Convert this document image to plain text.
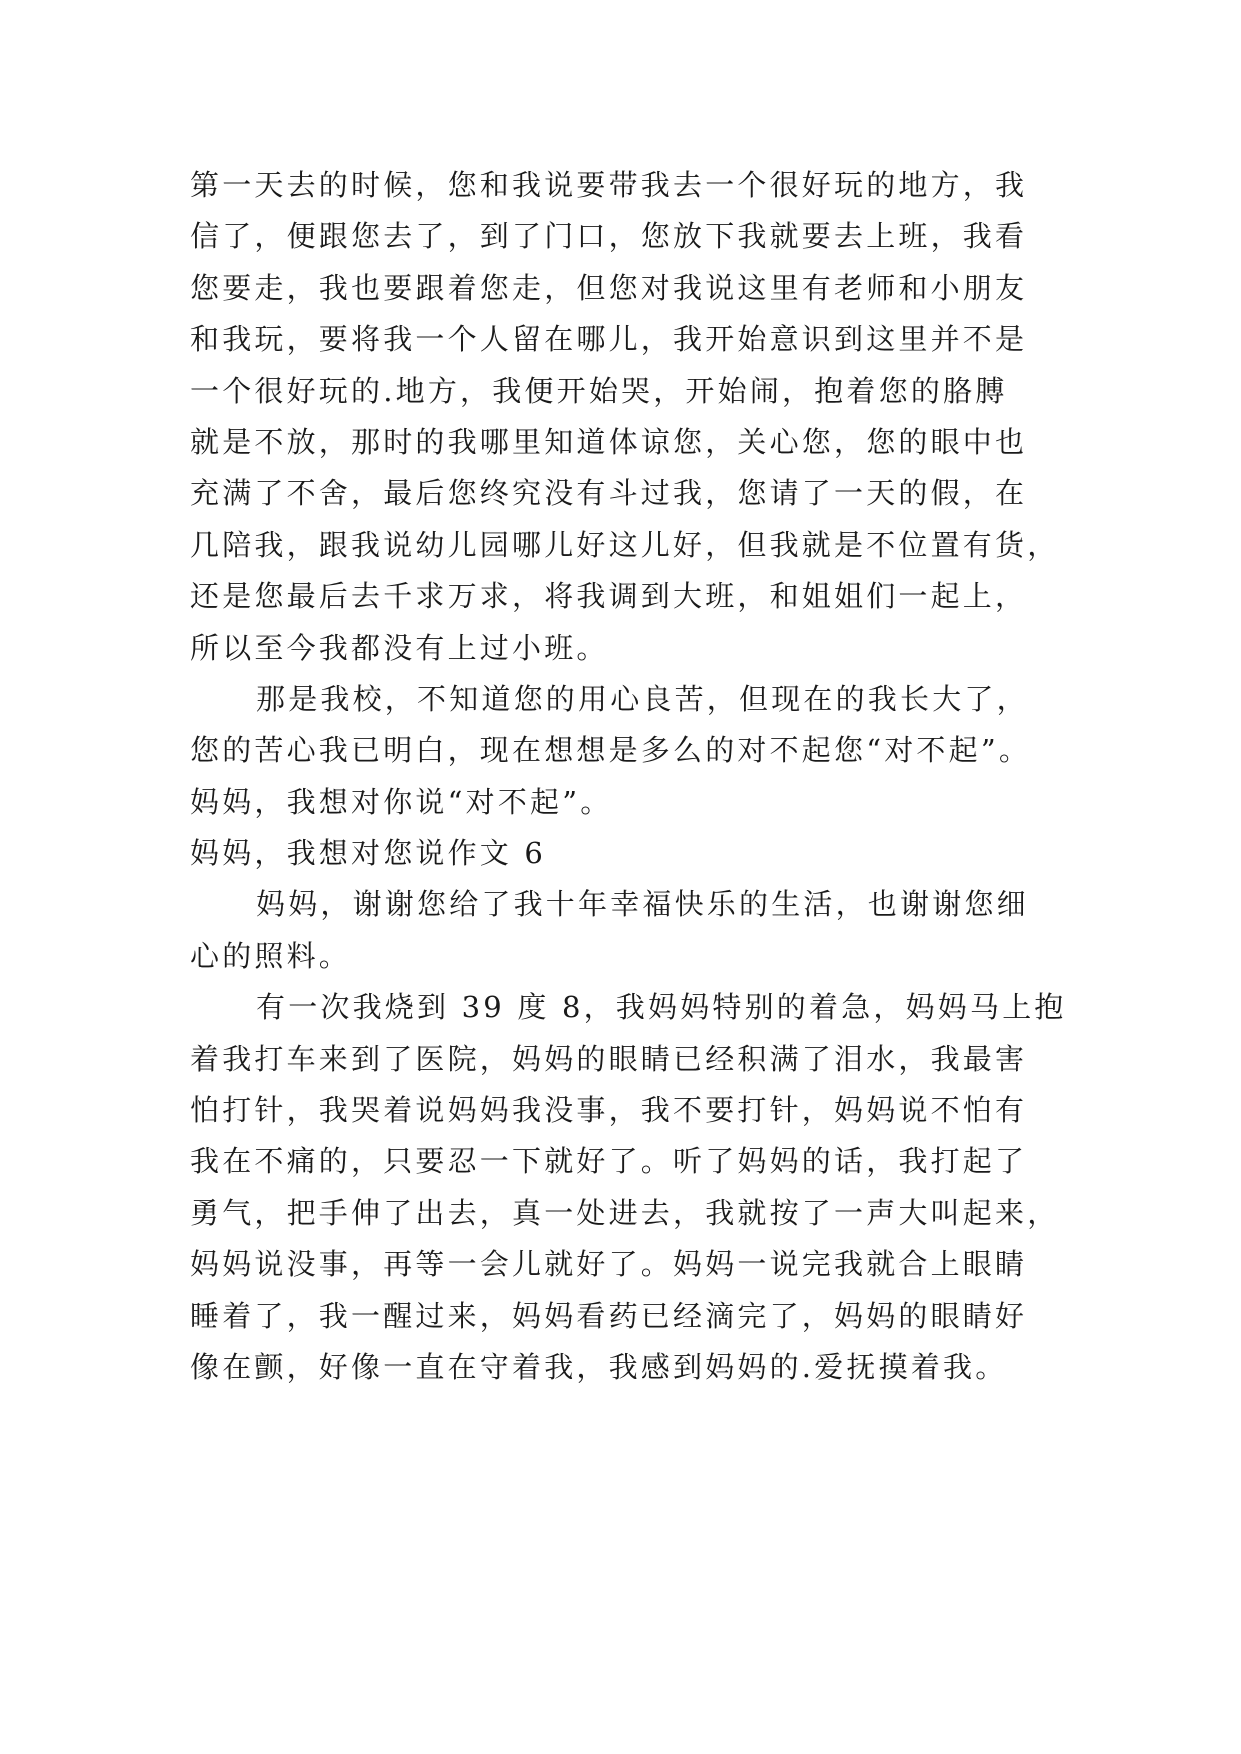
第一天去的时候，您和我说要带我去一个很好玩的地方，我
信了，便跟您去了，到了门口，您放下我就要去上班，我看
您要走，我也要跟着您走，但您对我说这里有老师和小朋友
和我玩，要将我一个人留在哪儿，我开始意识到这里并不是
一个很好玩的.地方，我便开始哭，开始闹，抱着您的胳膊
就是不放，那时的我哪里知道体谅您，关心您，您的眼中也
充满了不舍，最后您终究没有斗过我，您请了一天的假，在
几陪我，跟我说幼儿园哪儿好这儿好，但我就是不位置有货，
还是您最后去千求万求，将我调到大班，和姐姐们一起上，
所以至今我都没有上过小班。
那是我校，不知道您的用心良苦，但现在的我长大了，
您的苦心我已明白，现在想想是多么的对不起您“对不起”。
妈妈，我想对你说“对不起”。
妈妈，我想对您说作文 6
妈妈，谢谢您给了我十年幸福快乐的生活，也谢谢您细
心的照料。
有一次我烧到 39 度 8，我妈妈特别的着急，妈妈马上抱
着我打车来到了医院，妈妈的眼睛已经积满了泪水，我最害
怕打针，我哭着说妈妈我没事，我不要打针，妈妈说不怕有
我在不痛的，只要忍一下就好了。听了妈妈的话，我打起了
勇气，把手伸了出去，真一处进去，我就按了一声大叫起来，
妈妈说没事，再等一会儿就好了。妈妈一说完我就合上眼睛
睡着了，我一醒过来，妈妈看药已经滴完了，妈妈的眼睛好
像在颤，好像一直在守着我，我感到妈妈的.爱抚摸着我。
